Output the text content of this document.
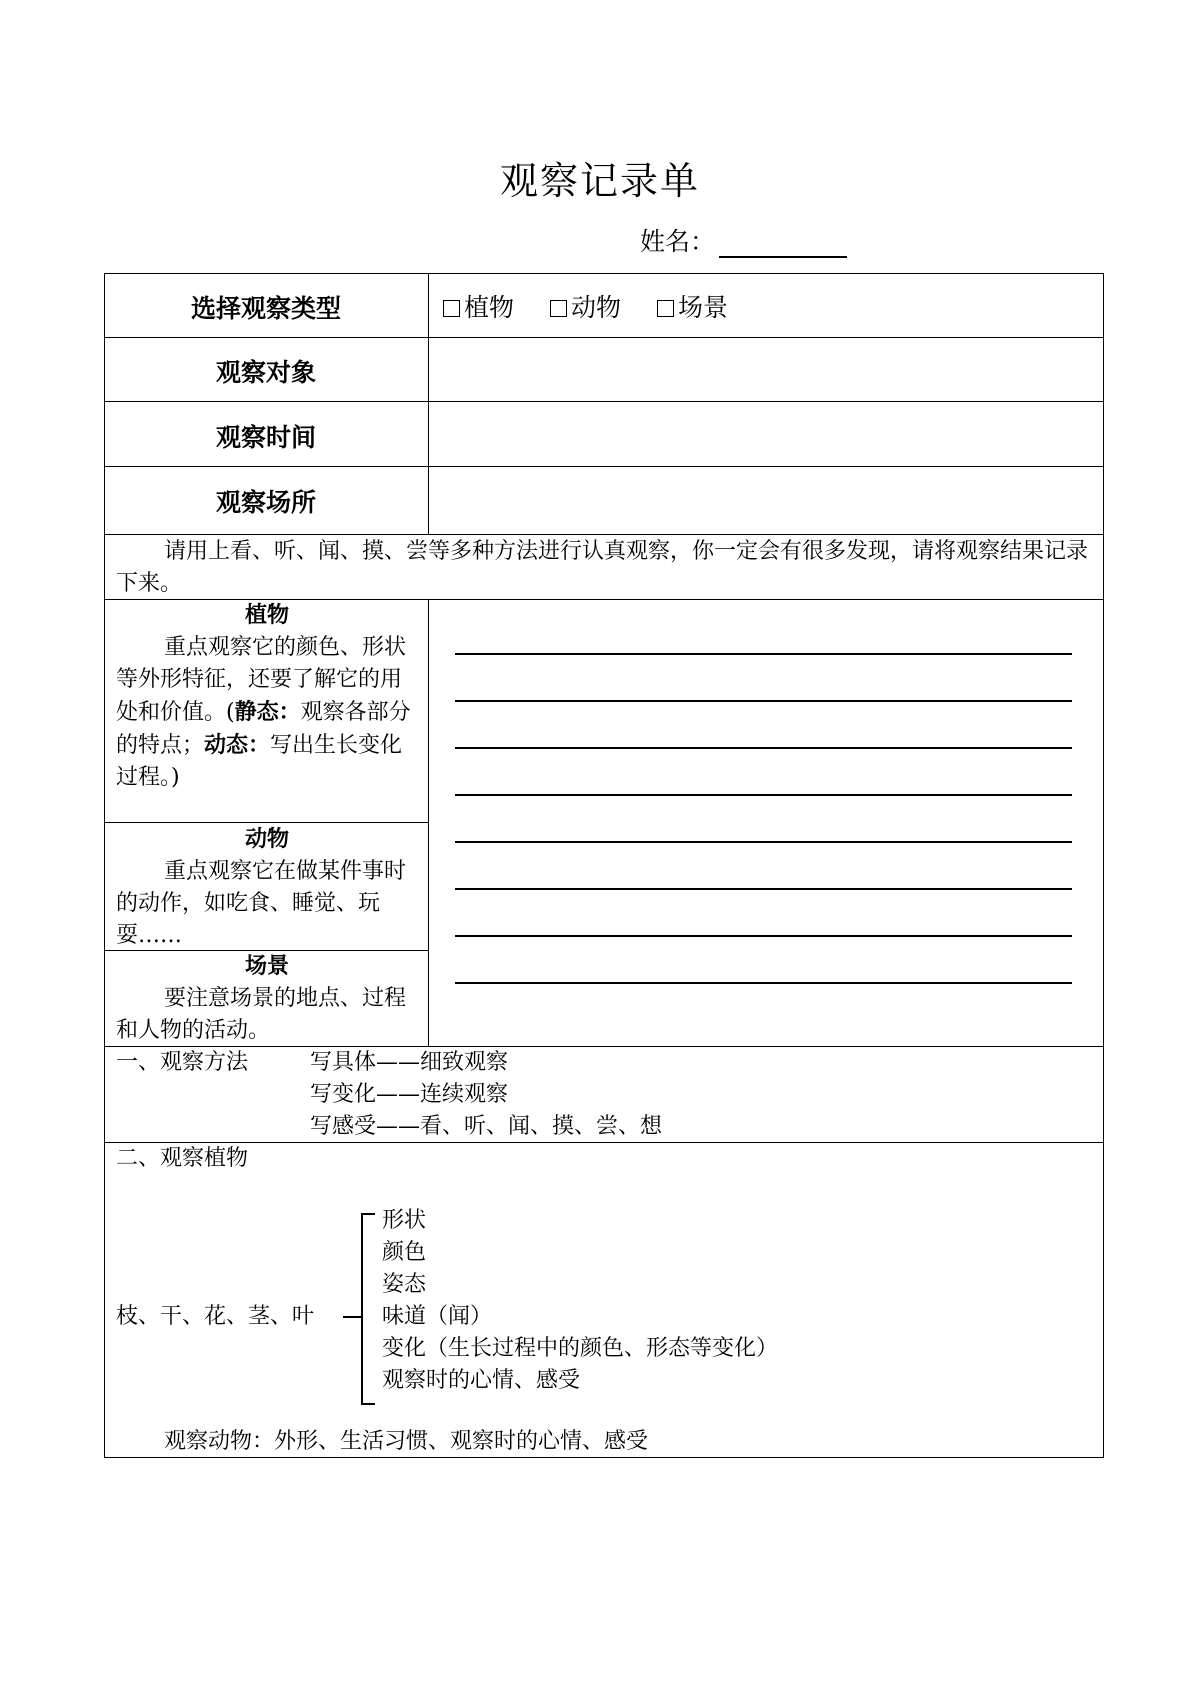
观察记录单
姓名：
选择观察类型
观察对象
观察时间
观察场所
植物 动物 场景
请用上看、听、闻、摸、尝等多种方法进行认真观察，你一定会有很多发现，请将观察结果记录下来。
植物
重点观察它的颜色、形状等外形特征，还要了解它的用处和价值。(静态：观察各部分的特点；动态：写出生长变化过程。)
动物
重点观察它在做某件事时的动作，如吃食、睡觉、玩耍……
场景
要注意场景的地点、过程和人物的活动。
一、观察方法	写具体——细致观察
写变化——连续观察
写感受——看、听、闻、摸、尝、想
二、观察植物
枝、干、花、茎、叶
形状
颜色
姿态
味道（闻）
变化（生长过程中的颜色、形态等变化）
观察时的心情、感受
观察动物：外形、生活习惯、观察时的心情、感受
